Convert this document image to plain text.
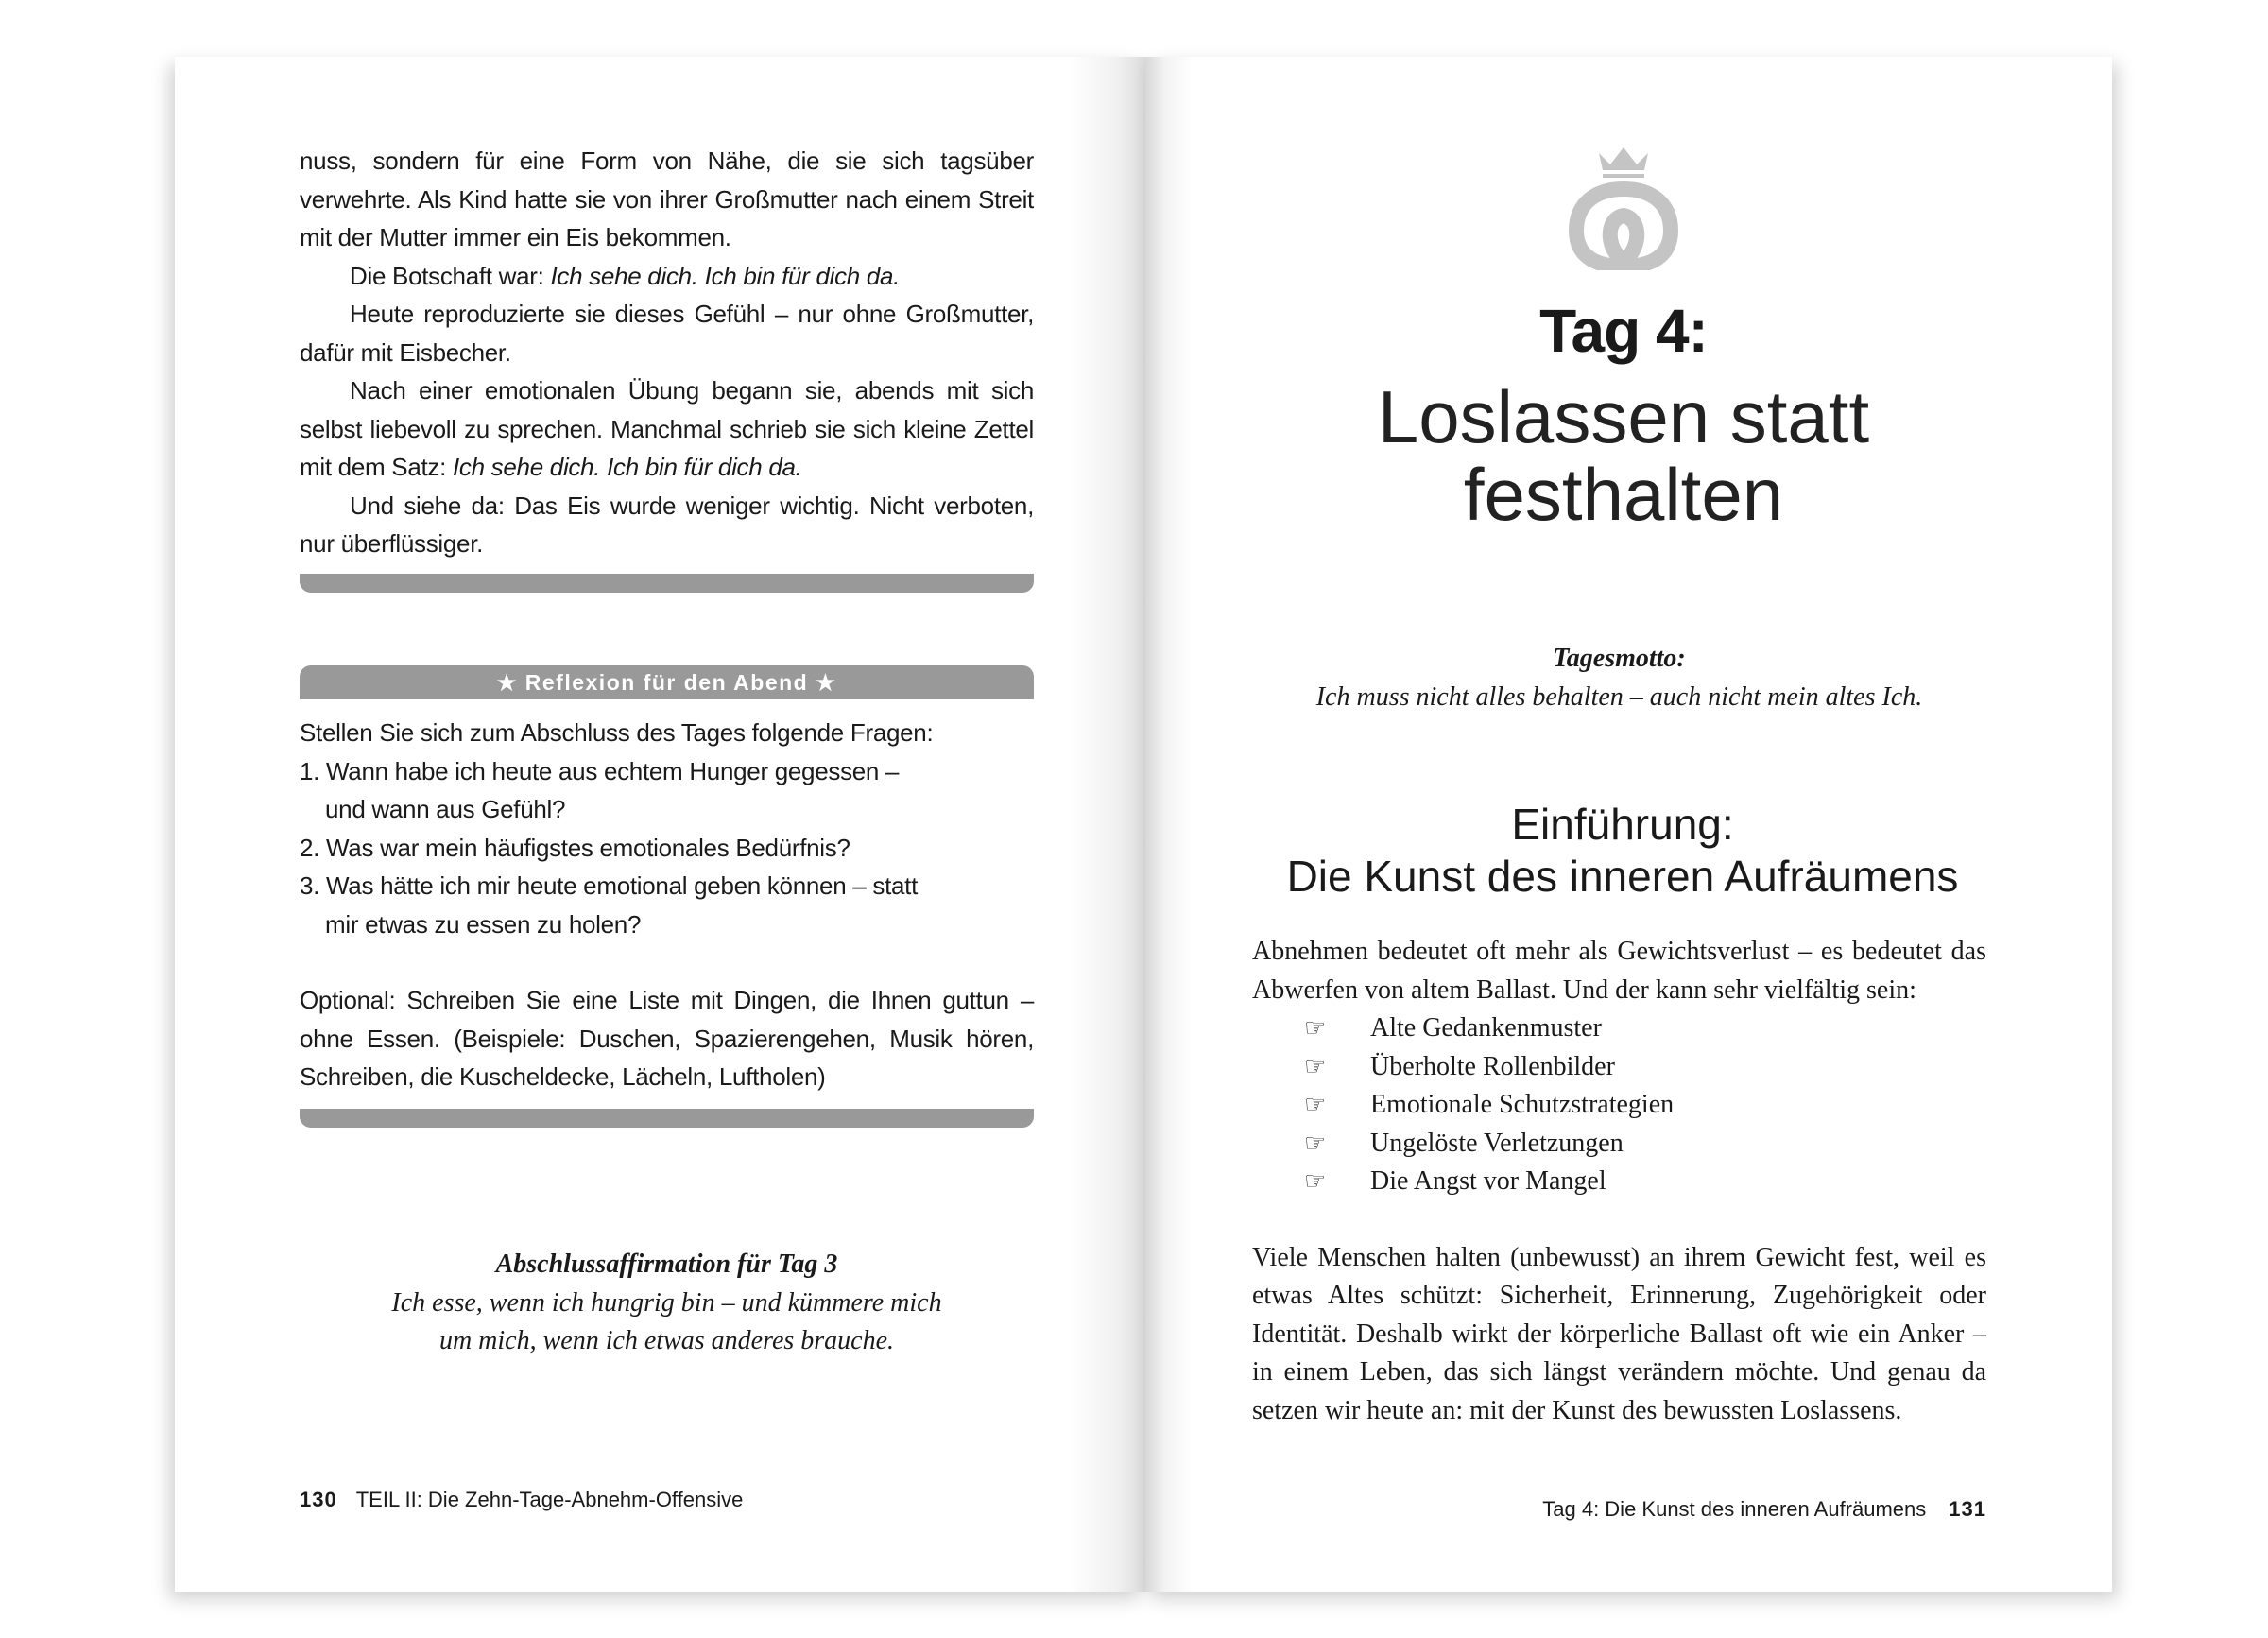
nuss, sondern für eine Form von Nähe, die sie sich tagsüber verwehrte. Als Kind hatte sie von ihrer Großmutter nach einem Streit mit der Mutter immer ein Eis bekommen.

Die Botschaft war: Ich sehe dich. Ich bin für dich da.

Heute reproduzierte sie dieses Gefühl – nur ohne Großmutter, dafür mit Eisbecher.

Nach einer emotionalen Übung begann sie, abends mit sich selbst liebevoll zu sprechen. Manchmal schrieb sie sich kleine Zettel mit dem Satz: Ich sehe dich. Ich bin für dich da.

Und siehe da: Das Eis wurde weniger wichtig. Nicht verboten, nur überflüssiger.

★ Reflexion für den Abend ★

Stellen Sie sich zum Abschluss des Tages folgende Fragen:

1. Wann habe ich heute aus echtem Hunger gegessen – und wann aus Gefühl?

2. Was war mein häufigstes emotionales Bedürfnis?

3. Was hätte ich mir heute emotional geben können – statt mir etwas zu essen zu holen?

Optional: Schreiben Sie eine Liste mit Dingen, die Ihnen guttun – ohne Essen. (Beispiele: Duschen, Spazierengehen, Musik hören, Schreiben, die Kuscheldecke, Lächeln, Luftholen)

Abschlussaffirmation für Tag 3

Ich esse, wenn ich hungrig bin – und kümmere mich

um mich, wenn ich etwas anderes brauche.

130 TEIL II: Die Zehn-Tage-Abnehm-Offensive

Tag 4:

Loslassen statt

festhalten

Tagesmotto:

Ich muss nicht alles behalten – auch nicht mein altes Ich.

Einführung:

Die Kunst des inneren Aufräumens

Abnehmen bedeutet oft mehr als Gewichtsverlust – es bedeutet das Abwerfen von altem Ballast. Und der kann sehr vielfältig sein:

☞	Alte Gedankenmuster
☞	Überholte Rollenbilder
☞	Emotionale Schutzstrategien
☞	Ungelöste Verletzungen
☞	Die Angst vor Mangel

Viele Menschen halten (unbewusst) an ihrem Gewicht fest, weil es etwas Altes schützt: Sicherheit, Erinnerung, Zugehörigkeit oder Identität. Deshalb wirkt der körperliche Ballast oft wie ein Anker – in einem Leben, das sich längst verändern möchte. Und genau da setzen wir heute an: mit der Kunst des bewussten Loslassens.

Tag 4: Die Kunst des inneren Aufräumens 131
